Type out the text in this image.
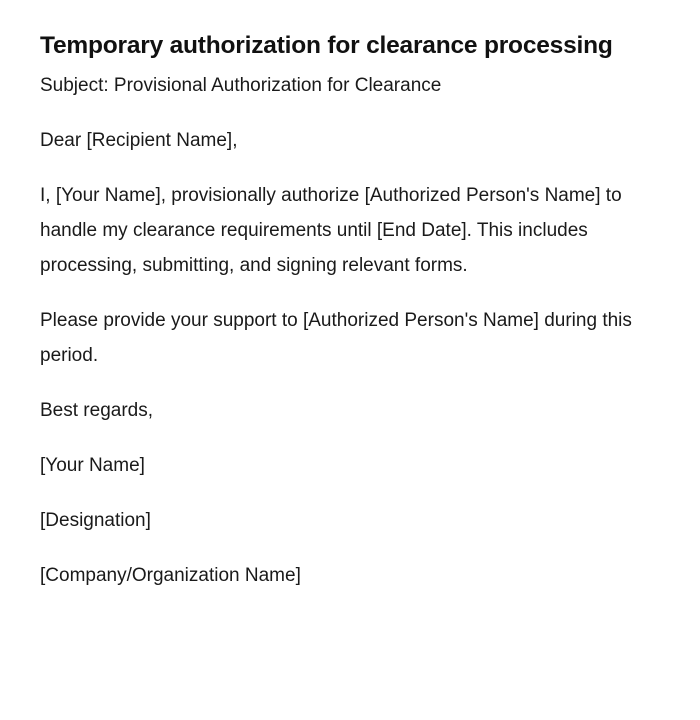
Temporary authorization for clearance processing

Subject: Provisional Authorization for Clearance

Dear [Recipient Name],

I, [Your Name], provisionally authorize [Authorized Person's Name] to handle my clearance requirements until [End Date]. This includes processing, submitting, and signing relevant forms.

Please provide your support to [Authorized Person's Name] during this period.

Best regards,

[Your Name]

[Designation]

[Company/Organization Name]
